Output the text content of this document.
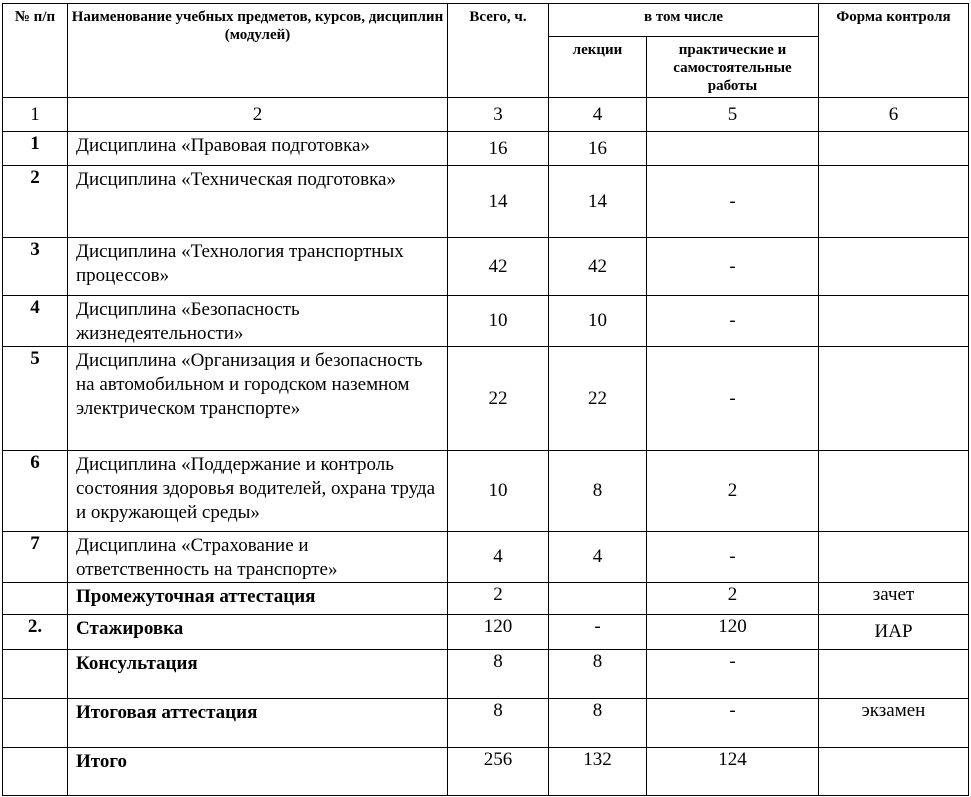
№ п/п	Наименование учебных предметов, курсов, дисциплин (модулей)	Всего, ч.	в том числе		Форма контроля
			лекции	практические и самостоятельные работы	
1	2	3	4	5	6
1	Дисциплина «Правовая подготовка»	16	16		
2	Дисциплина «Техническая подготовка»	14	14	-	
3	Дисциплина «Технология транспортных процессов»	42	42	-	
4	Дисциплина «Безопасность жизнедеятельности»	10	10	-	
5	Дисциплина «Организация и безопасность на автомобильном и городском наземном электрическом транспорте»	22	22	-	
6	Дисциплина «Поддержание и контроль состояния здоровья водителей, охрана труда и окружающей среды»	10	8	2	
7	Дисциплина «Страхование и ответственность на транспорте»	4	4	-	
	Промежуточная аттестация	2		2	зачет
2.	Стажировка	120	-	120	ИАР
	Консультация	8	8	-	
	Итоговая аттестация	8	8	-	экзамен
	Итого	256	132	124	
